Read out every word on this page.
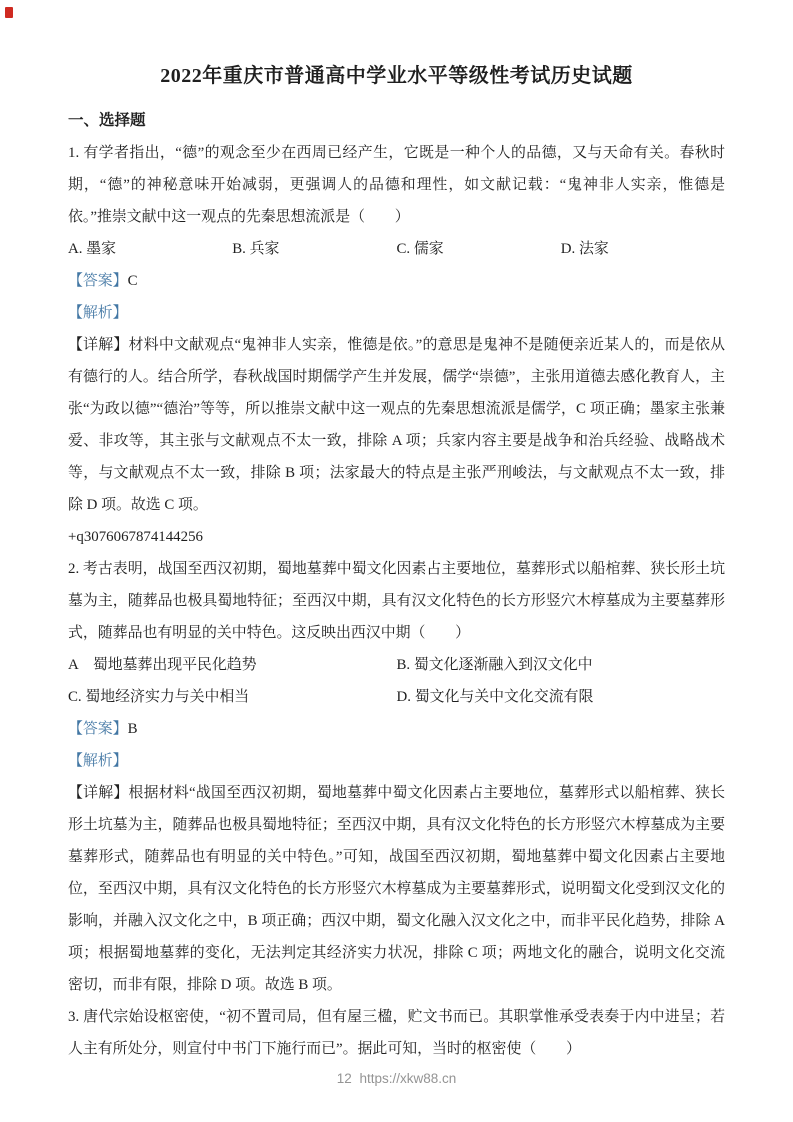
2022年重庆市普通高中学业水平等级性考试历史试题

一、选择题

1. 有学者指出，“德”的观念至少在西周已经产生，它既是一种个人的品德，又与天命有关。春秋时期，“德”的神秘意味开始减弱，更强调人的品德和理性，如文献记载：“鬼神非人实亲，惟德是依。”推崇文献中这一观点的先秦思想流派是（　　）

A. 墨家	B. 兵家	C. 儒家	D. 法家

【答案】C

【解析】

【详解】材料中文献观点“鬼神非人实亲，惟德是依。”的意思是鬼神不是随便亲近某人的，而是依从有德行的人。结合所学，春秋战国时期儒学产生并发展，儒学“崇德”，主张用道德去感化教育人，主张“为政以德”“德治”等等，所以推崇文献中这一观点的先秦思想流派是儒学，C 项正确；墨家主张兼爱、非攻等，其主张与文献观点不太一致，排除 A 项；兵家内容主要是战争和治兵经验、战略战术等，与文献观点不太一致，排除 B 项；法家最大的特点是主张严刑峻法，与文献观点不太一致，排除 D 项。故选 C 项。

+q3076067874144256

2. 考古表明，战国至西汉初期，蜀地墓葬中蜀文化因素占主要地位，墓葬形式以船棺葬、狭长形土坑墓为主，随葬品也极具蜀地特征；至西汉中期，具有汉文化特色的长方形竖穴木椁墓成为主要墓葬形式，随葬品也有明显的关中特色。这反映出西汉中期（　　）

A　蜀地墓葬出现平民化趋势	B. 蜀文化逐渐融入到汉文化中
C. 蜀地经济实力与关中相当	D. 蜀文化与关中文化交流有限

【答案】B

【解析】

【详解】根据材料“战国至西汉初期，蜀地墓葬中蜀文化因素占主要地位，墓葬形式以船棺葬、狭长形土坑墓为主，随葬品也极具蜀地特征；至西汉中期，具有汉文化特色的长方形竖穴木椁墓成为主要墓葬形式，随葬品也有明显的关中特色。”可知，战国至西汉初期，蜀地墓葬中蜀文化因素占主要地位，至西汉中期，具有汉文化特色的长方形竖穴木椁墓成为主要墓葬形式，说明蜀文化受到汉文化的影响，并融入汉文化之中，B 项正确；西汉中期，蜀文化融入汉文化之中，而非平民化趋势，排除 A 项；根据蜀地墓葬的变化，无法判定其经济实力状况，排除 C 项；两地文化的融合，说明文化交流密切，而非有限，排除 D 项。故选 B 项。

3. 唐代宗始设枢密使，“初不置司局，但有屋三楹，贮文书而已。其职掌惟承受表奏于内中进呈；若人主有所处分，则宣付中书门下施行而已”。据此可知，当时的枢密使（　　）

12 https://xkw88.cn
